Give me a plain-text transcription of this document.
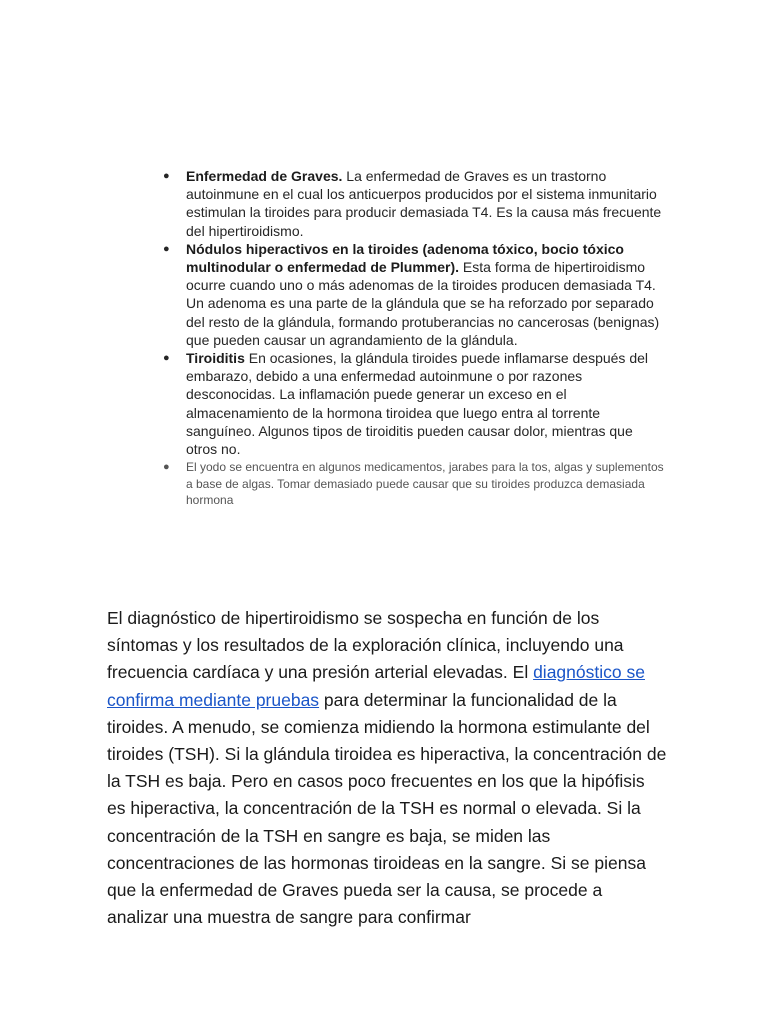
● Enfermedad de Graves. La enfermedad de Graves es un trastorno autoinmune en el cual los anticuerpos producidos por el sistema inmunitario estimulan la tiroides para producir demasiada T4. Es la causa más frecuente del hipertiroidismo.
● Nódulos hiperactivos en la tiroides (adenoma tóxico, bocio tóxico multinodular o enfermedad de Plummer). Esta forma de hipertiroidismo ocurre cuando uno o más adenomas de la tiroides producen demasiada T4. Un adenoma es una parte de la glándula que se ha reforzado por separado del resto de la glándula, formando protuberancias no cancerosas (benignas) que pueden causar un agrandamiento de la glándula.
● Tiroiditis En ocasiones, la glándula tiroides puede inflamarse después del embarazo, debido a una enfermedad autoinmune o por razones desconocidas. La inflamación puede generar un exceso en el almacenamiento de la hormona tiroidea que luego entra al torrente sanguíneo. Algunos tipos de tiroiditis pueden causar dolor, mientras que otros no.
● El yodo se encuentra en algunos medicamentos, jarabes para la tos, algas y suplementos a base de algas. Tomar demasiado puede causar que su tiroides produzca demasiada hormona

El diagnóstico de hipertiroidismo se sospecha en función de los síntomas y los resultados de la exploración clínica, incluyendo una frecuencia cardíaca y una presión arterial elevadas. El diagnóstico se confirma mediante pruebas para determinar la funcionalidad de la tiroides. A menudo, se comienza midiendo la hormona estimulante del tiroides (TSH). Si la glándula tiroidea es hiperactiva, la concentración de la TSH es baja. Pero en casos poco frecuentes en los que la hipófisis es hiperactiva, la concentración de la TSH es normal o elevada. Si la concentración de la TSH en sangre es baja, se miden las concentraciones de las hormonas tiroideas en la sangre. Si se piensa que la enfermedad de Graves pueda ser la causa, se procede a analizar una muestra de sangre para confirmar
